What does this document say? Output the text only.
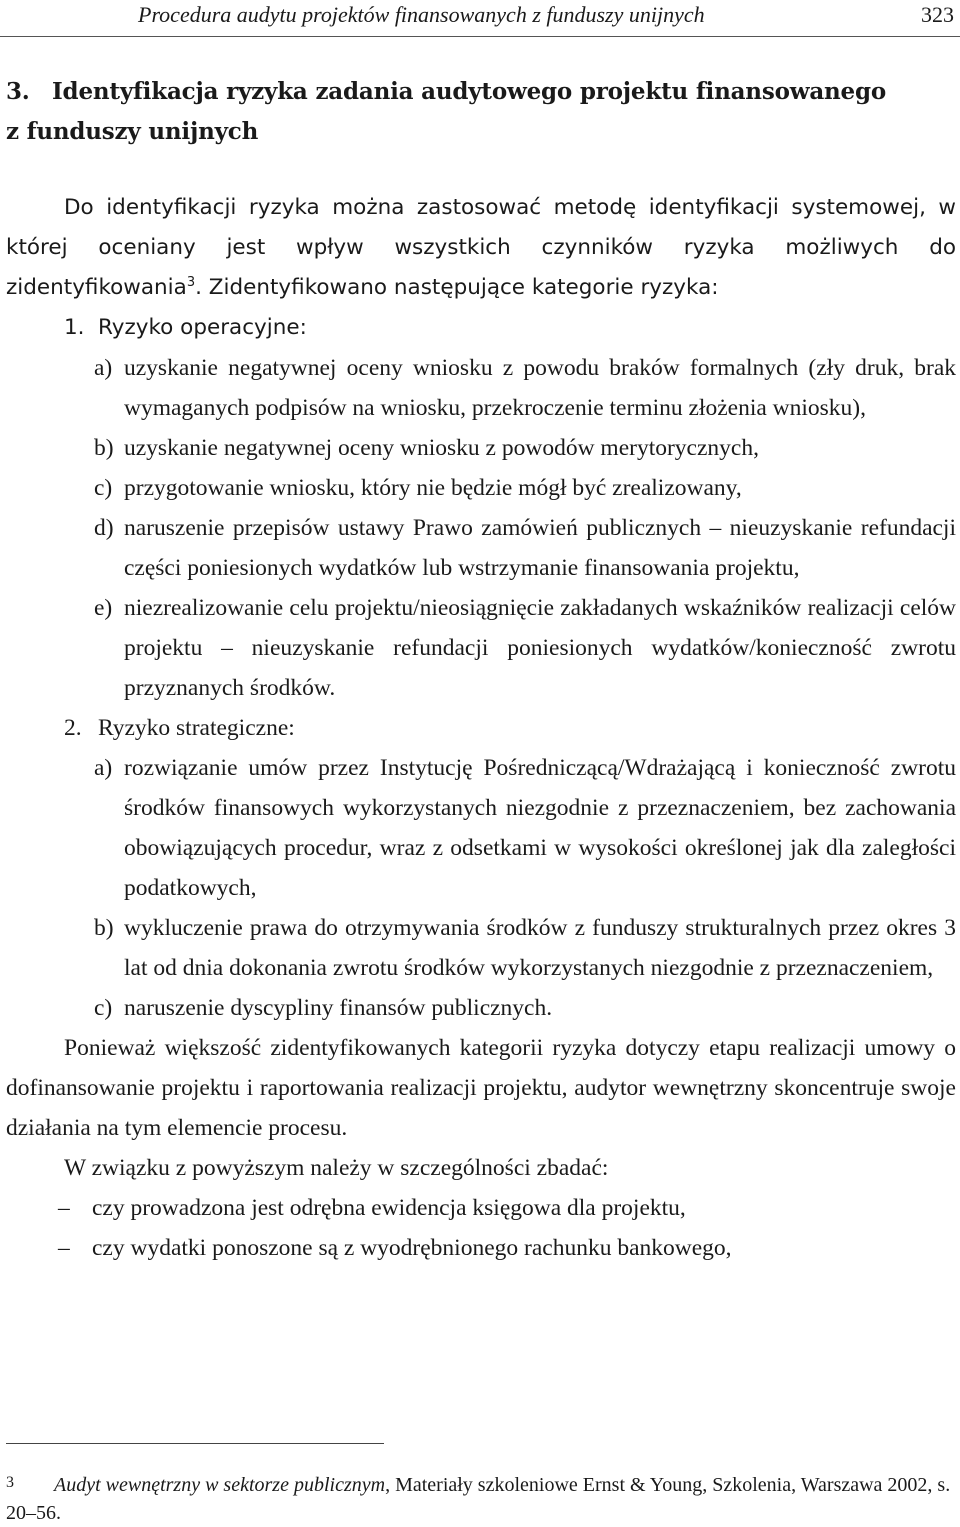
Procedura audytu projektów finansowanych z funduszy unijnych	323
3. Identyfikacja ryzyka zadania audytowego projektu finansowanego
z funduszy unijnych

Do identyfikacji ryzyka można zastosować metodę identyfikacji systemowej, w której oceniany jest wpływ wszystkich czynników ryzyka możliwych do zidentyfikowania$^3$. Zidentyfikowano następujące kategorie ryzyka:

1. Ryzyko operacyjne:

a) uzyskanie negatywnej oceny wniosku z powodu braków formalnych (zły druk, brak wymaganych podpisów na wniosku, przekroczenie terminu złożenia wniosku),

b) uzyskanie negatywnej oceny wniosku z powodów merytorycznych,

c) przygotowanie wniosku, który nie będzie mógł być zrealizowany,

d) naruszenie przepisów ustawy Prawo zamówień publicznych – nieuzyskanie refundacji części poniesionych wydatków lub wstrzymanie finansowania projektu,

e) niezrealizowanie celu projektu/nieosiągnięcie zakładanych wskaźników realizacji celów projektu – nieuzyskanie refundacji poniesionych wydatków/konieczność zwrotu przyznanych środków.

2. Ryzyko strategiczne:

a) rozwiązanie umów przez Instytucję Pośredniczącą/Wdrażającą i konieczność zwrotu środków finansowych wykorzystanych niezgodnie z przeznaczeniem, bez zachowania obowiązujących procedur, wraz z odsetkami w wysokości określonej jak dla zaległości podatkowych,

b) wykluczenie prawa do otrzymywania środków z funduszy strukturalnych przez okres 3 lat od dnia dokonania zwrotu środków wykorzystanych niezgodnie z przeznaczeniem,

c) naruszenie dyscypliny finansów publicznych.

Ponieważ większość zidentyfikowanych kategorii ryzyka dotyczy etapu realizacji umowy o dofinansowanie projektu i raportowania realizacji projektu, audytor wewnętrzny skoncentruje swoje działania na tym elemencie procesu.

W związku z powyższym należy w szczególności zbadać:

– czy prowadzona jest odrębna ewidencja księgowa dla projektu,

– czy wydatki ponoszone są z wyodrębnionego rachunku bankowego,

3 Audyt wewnętrzny w sektorze publicznym, Materiały szkoleniowe Ernst & Young, Szkolenia, Warszawa 2002, s. 20–56.
